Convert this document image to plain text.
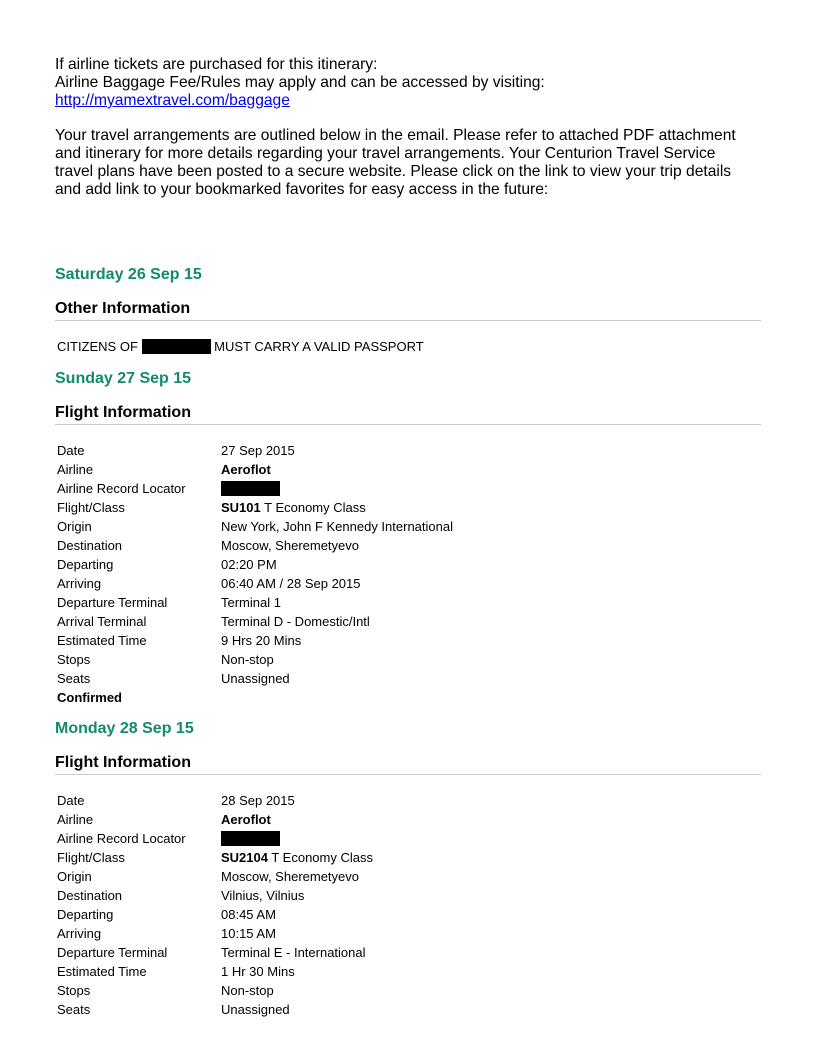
If airline tickets are purchased for this itinerary:
Airline Baggage Fee/Rules may apply and can be accessed by visiting:
http://myamextravel.com/baggage
Your travel arrangements are outlined below in the email. Please refer to attached PDF attachment
and itinerary for more details regarding your travel arrangements. Your Centurion Travel Service
travel plans have been posted to a secure website. Please click on the link to view your trip details
and add link to your bookmarked favorites for easy access in the future:
Saturday 26 Sep 15
Other Information
CITIZENS OF	MUST CARRY A VALID PASSPORT
Sunday 27 Sep 15
Flight Information
Date	27 Sep 2015
Airline	Aeroflot
Airline Record Locator
Flight/Class	SU101 T Economy Class
Origin	New York, John F Kennedy International
Destination	Moscow, Sheremetyevo
Departing	02:20 PM
Arriving	06:40 AM / 28 Sep 2015
Departure Terminal	Terminal 1
Arrival Terminal	Terminal D - Domestic/Intl
Estimated Time	9 Hrs 20 Mins
Stops	Non-stop
Seats	Unassigned
Confirmed
Monday 28 Sep 15
Flight Information
Date	28 Sep 2015
Airline	Aeroflot
Airline Record Locator
Flight/Class	SU2104 T Economy Class
Origin	Moscow, Sheremetyevo
Destination	Vilnius, Vilnius
Departing	08:45 AM
Arriving	10:15 AM
Departure Terminal	Terminal E - International
Estimated Time	1 Hr 30 Mins
Stops	Non-stop
Seats	Unassigned
